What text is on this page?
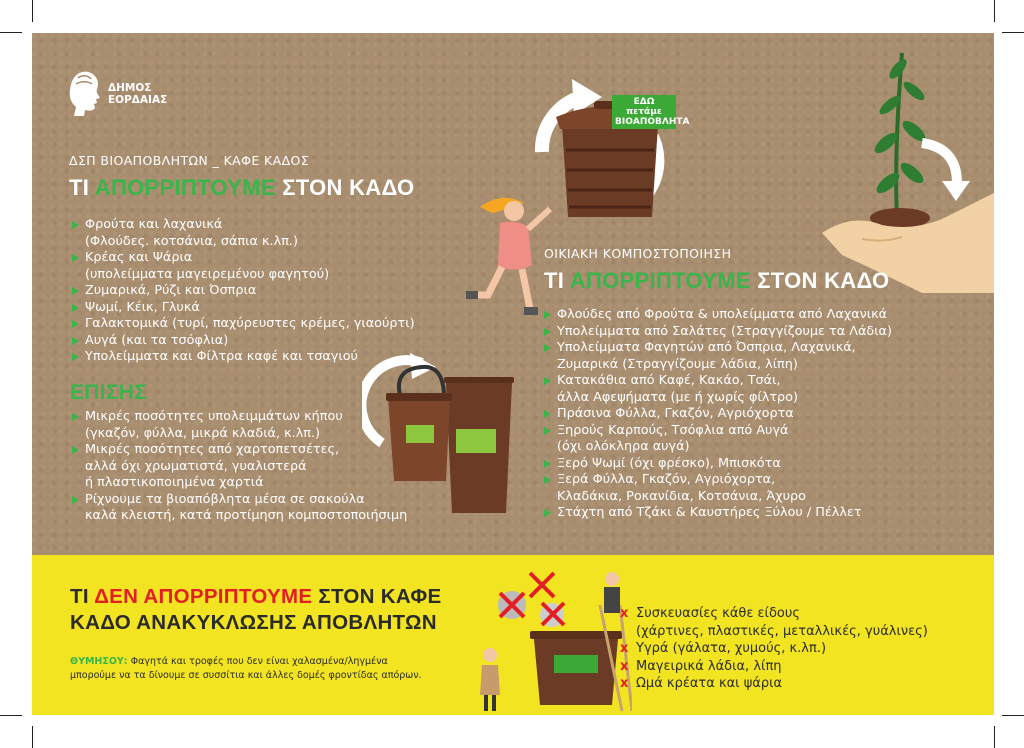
ΔΗΜΟΣ
ΕΟΡΔΑΙΑΣ
ΔΣΠ ΒΙΟΑΠΟΒΛΗΤΩΝ _ ΚΑΦΕ ΚΑΔΟΣ
ΤΙ ΑΠΟΡΡΙΠΤΟΥΜΕ ΣΤΟΝ ΚΑΔΟ
Φρούτα και λαχανικά
(Φλούδες. κοτσάνια, σάπια κ.λπ.)
Κρέας και Ψάρια
(υπολείμματα μαγειρεμένου φαγητού)
Ζυμαρικά, Ρύζι και Όσπρια
Ψωμί, Κέικ, Γλυκά
Γαλακτομικά (τυρί, παχύρευστες κρέμες, γιαούρτι)
Αυγά (και τα τσόφλια)
Υπολείμματα και Φίλτρα καφέ και τσαγιού
ΕΠΙΣΗΣ
Μικρές ποσότητες υπολειμμάτων κήπου
(γκαζόν, φύλλα, μικρά κλαδιά, κ.λπ.)
Μικρές ποσότητες από χαρτοπετσέτες,
αλλά όχι χρωματιστά, γυαλιστερά
ή πλαστικοποιημένα χαρτιά
Ρίχνουμε τα βιοαπόβλητα μέσα σε σακούλα
καλά κλειστή, κατά προτίμηση κομποστοποιήσιμη
ΕΔΩ πετάμε
ΒΙΟΑΠΟΒΛΗΤΑ
ΟΙΚΙΑΚΗ ΚΟΜΠΟΣΤΟΠΟΙΗΣΗ
ΤΙ ΑΠΟΡΡΙΠΤΟΥΜΕ ΣΤΟΝ ΚΑΔΟ
Φλούδες από Φρούτα & υπολείμματα από Λαχανικά
Υπολείμματα από Σαλάτες (Στραγγίζουμε τα Λάδια)
Υπολείμματα Φαγητών από Όσπρια, Λαχανικά,
Ζυμαρικά (Στραγγίζουμε λάδια, λίπη)
Κατακάθια από Καφέ, Κακάο, Τσάι,
άλλα Αφεψήματα (με ή χωρίς φίλτρο)
Πράσινα Φύλλα, Γκαζόν, Αγριόχορτα
Ξηρούς Καρπούς, Τσόφλια από Αυγά
(όχι ολόκληρα αυγά)
Ξερό Ψωμί (όχι φρέσκο), Μπισκότα
Ξερά Φύλλα, Γκαζόν, Αγριόχορτα,
Κλαδάκια, Ροκανίδια, Κοτσάνια, Άχυρο
Στάχτη από Τζάκι & Καυστήρες Ξύλου / Πέλλετ
ΤΙ ΔΕΝ ΑΠΟΡΡΙΠΤΟΥΜΕ ΣΤΟΝ ΚΑΦΕ
ΚΑΔΟ ΑΝΑΚΥΚΛΩΣΗΣ ΑΠΟΒΛΗΤΩΝ
ΘΥΜΗΣΟΥ: Φαγητά και τροφές που δεν είναι χαλασμένα/ληγμένα
μπορούμε να τα δίνουμε σε συσσίτια και άλλες δομές φροντίδας απόρων.
x Συσκευασίες κάθε είδους
(χάρτινες, πλαστικές, μεταλλικές, γυάλινες)
x Υγρά (γάλατα, χυμούς, κ.λπ.)
x Μαγειρικά λάδια, λίπη
x Ωμά κρέατα και ψάρια
